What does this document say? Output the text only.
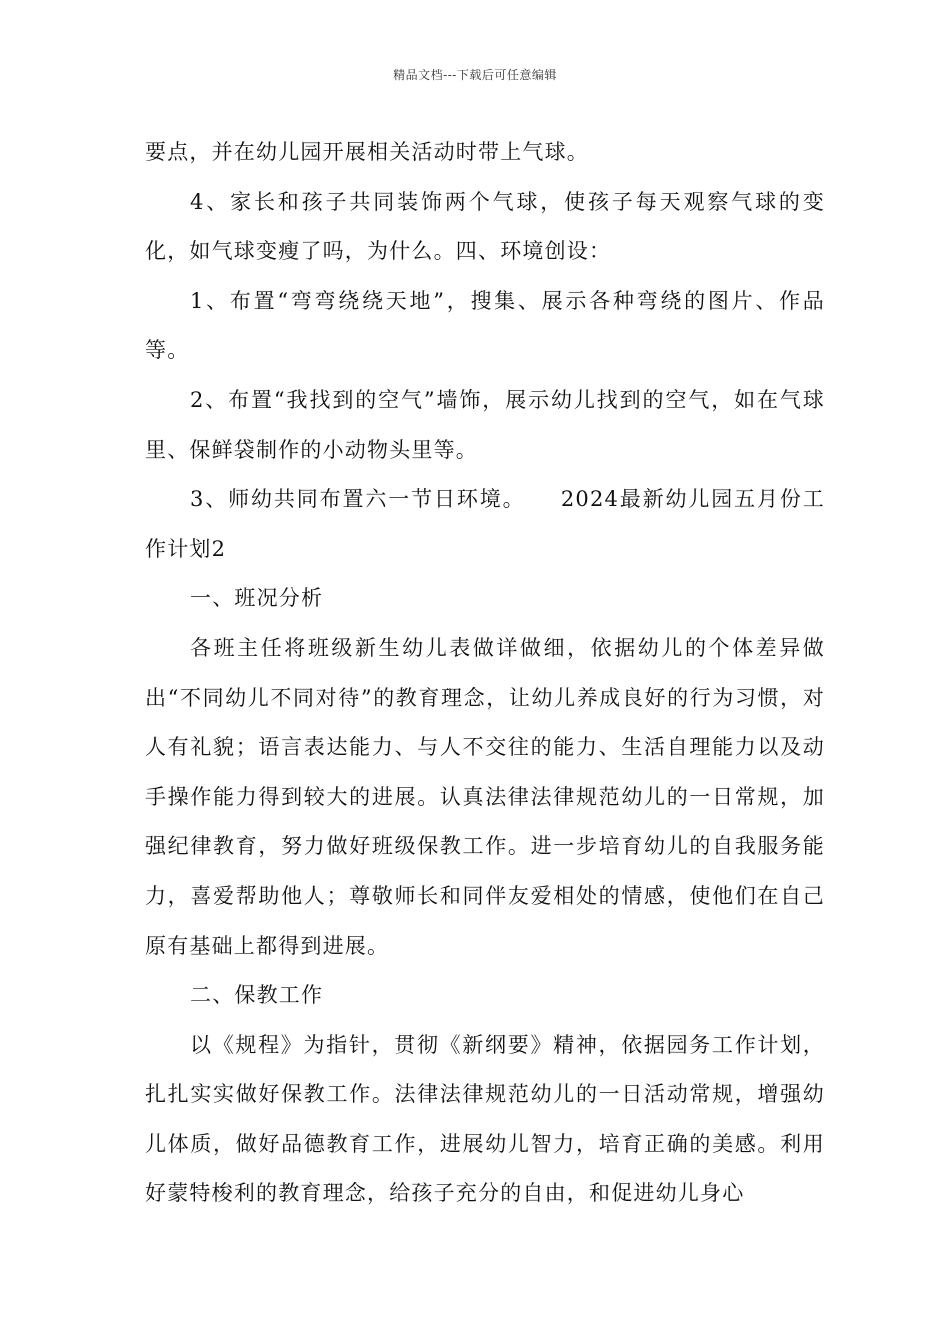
精品文档---下载后可任意编辑

要点，并在幼儿园开展相关活动时带上气球。

4、家长和孩子共同装饰两个气球，使孩子每天观察气球的变化，如气球变瘦了吗，为什么。四、环境创设：

1、布置“弯弯绕绕天地”，搜集、展示各种弯绕的图片、作品等。

2、布置“我找到的空气”墙饰，展示幼儿找到的空气，如在气球里、保鲜袋制作的小动物头里等。

3、师幼共同布置六一节日环境。　　2024最新幼儿园五月份工作计划2

一、班况分析

各班主任将班级新生幼儿表做详做细，依据幼儿的个体差异做出“不同幼儿不同对待”的教育理念，让幼儿养成良好的行为习惯，对人有礼貌；语言表达能力、与人不交往的能力、生活自理能力以及动手操作能力得到较大的进展。认真法律法律规范幼儿的一日常规，加强纪律教育，努力做好班级保教工作。进一步培育幼儿的自我服务能力，喜爱帮助他人；尊敬师长和同伴友爱相处的情感，使他们在自己原有基础上都得到进展。

二、保教工作

以《规程》为指针，贯彻《新纲要》精神，依据园务工作计划，扎扎实实做好保教工作。法律法律规范幼儿的一日活动常规，增强幼儿体质，做好品德教育工作，进展幼儿智力，培育正确的美感。利用好蒙特梭利的教育理念，给孩子充分的自由，和促进幼儿身心
